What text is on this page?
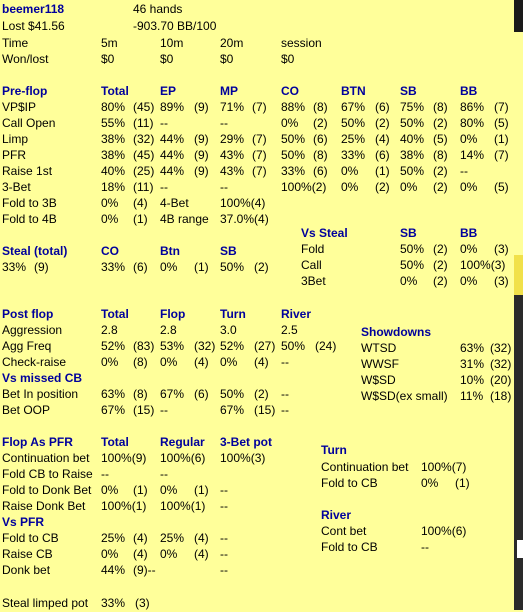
beemer118	46 hands
Lost $41.56	-903.70 BB/100
Time	5m	10m	20m	session
Won/lost	$0	$0	$0	$0
Pre-flop	Total	EP	MP	CO	BTN	SB	BB
VP$IP	80% (45) 89% (9) 71% (7) 88% (8) 67% (6) 75% (8) 86% (7)
Call Open	55% (11) --	--	0% (2) 50% (2) 50% (2) 80% (5)
Limp	38% (32) 44% (9) 29% (7) 50% (6) 25% (4) 40% (5) 0% (1)
PFR	38% (45) 44% (9) 43% (7) 50% (8) 33% (6) 38% (8) 14% (7)
Raise 1st	40% (25) 44% (9) 43% (7) 33% (6) 0% (1) 50% (2) --
3-Bet	18% (11) --	--	100%(2) 0% (2) 0% (2) 0% (5)
Fold to 3B	0% (4) 4-Bet	100%(4)
Fold to 4B	0% (1) 4B range 37.0%(4)
Vs Steal	SB	BB
Fold	50% (2) 0% (3)
Call	50% (2) 100%(3)
3Bet	0% (2) 0% (3)
Steal (total)	CO	Btn	SB
33% (9)	33% (6) 0% (1) 50% (2)
Post flop	Total	Flop	Turn	River
Aggression	2.8	2.8	3.0	2.5
Agg Freq	52% (83) 53% (32) 52% (27) 50% (24)
Check-raise	0% (8) 0% (4) 0% (4) --
Vs missed CB
Bet In position 63% (8) 67% (6) 50% (2) --
Bet OOP	67% (15) --	67% (15) --
Showdowns
WTSD	63% (32)
WWSF	31% (32)
W$SD	10% (20)
W$SD(ex small) 11% (18)
Flop As PFR Total	Regular 3-Bet pot
Continuation bet 100%(9) 100%(6) 100%(3)
Fold CB to Raise --	--
Fold to Donk Bet 0% (1) 0% (1) --
Raise Donk Bet 100%(1) 100%(1) --
Vs PFR
Fold to CB	25% (4) 25% (4) --
Raise CB	0% (4) 0% (4) --
Donk bet	44% (9)--	--
Turn
Continuation bet 100%(7)
Fold to CB	0% (1)
River
Cont bet	100%(6)
Fold to CB	--
Steal limped pot 33% (3)
